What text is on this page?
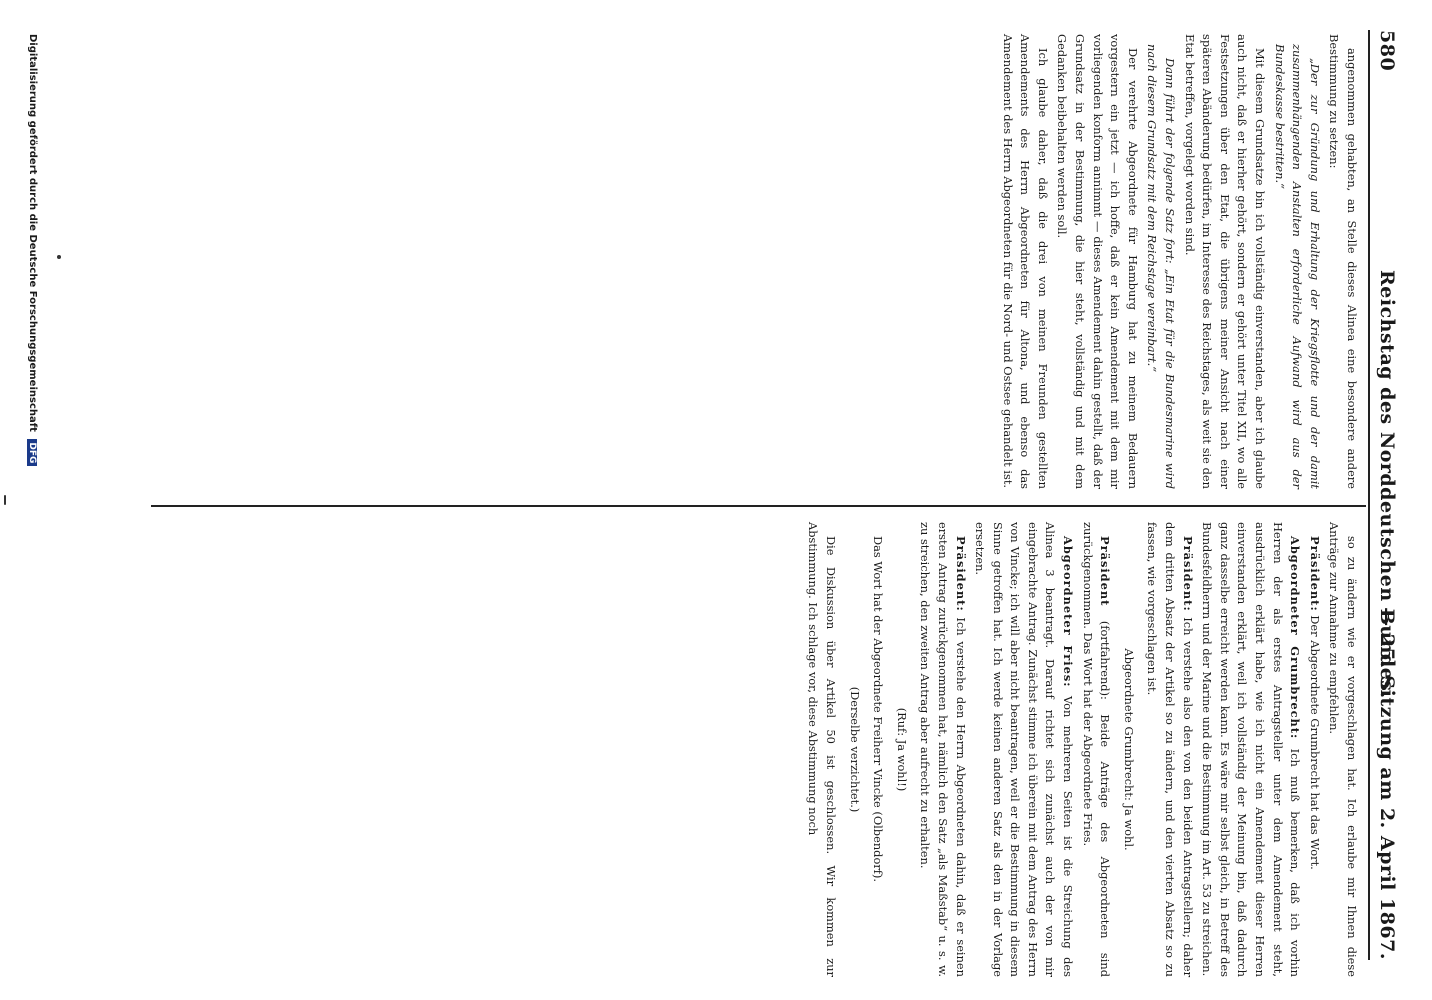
580
Reichstag des Norddeutschen Bundes.
— 25. Sitzung am 2. April 1867.

angenommen gehabten, an Stelle dieses Alinea eine besondere andere Bestimmung zu setzen:

„Der zur Gründung und Erhaltung der Kriegsflotte und der damit zusammenhängenden Anstalten erforderliche Aufwand wird aus der Bundeskasse bestritten.“

Mit diesem Grundsatze bin ich vollständig einverstanden, aber ich glaube auch nicht, daß er hierher gehört, sondern er gehört unter Titel XII, wo alle Festsetzungen über den Etat, die übrigens meiner Ansicht nach einer späteren Abänderung bedürfen, im Interesse des Reichstages, als weit sie den Etat betreffen, vorgelegt worden sind.

Dann führt der folgende Satz fort: „Ein Etat für die Bundesmarine wird nach diesem Grundsatz mit dem Reichstage vereinbart.“

Der verehrte Abgeordnete für Hamburg hat zu meinem Bedauern vorgestern ein jetzt — ich hoffe, daß er kein Amendement mit dem mir vorliegenden konform annimmt — dieses Amendement dahin gestellt, daß der Grundsatz in der Bestimmung, die hier steht, vollständig und mit dem Gedanken beibehalten werden soll.

Ich glaube daher, daß die drei von meinen Freunden gestellten Amendements des Herrn Abgeordneten für Altona, und ebenso das Amendement des Herrn Abgeordneten für die Nord- und Ostsee gehandelt ist.

so zu ändern wie er vorgeschlagen hat. Ich erlaube mir Ihnen diese Anträge zur Annahme zu empfehlen.

Präsident: Der Abgeordnete Grumbrecht hat das Wort.

Abgeordneter Grumbrecht: Ich muß bemerken, daß ich vorhin Herren der als erstes Antragsteller unter dem Amendement steht, ausdrücklich erklärt habe, wie ich nicht ein Amendement dieser Herren einverstanden erklärt, weil ich vollständig der Meinung bin, daß dadurch ganz dasselbe erreicht werden kann. Es wäre mir selbst gleich, in Betreff des Bundesfeldherrn und der Marine und die Bestimmung im Art. 53 zu streichen.

Präsident: Ich verstehe also den von den beiden Antragstellern; daher dem dritten Absatz der Artikel so zu ändern, und den vierten Absatz so zu fassen, wie vorgeschlagen ist.

Abgeordnete Grumbrecht: Ja wohl.

Präsident (fortfahrend): Beide Anträge des Abgeordneten sind zurückgenommen. Das Wort hat der Abgeordnete Fries.

Abgeordneter Fries: Von mehreren Seiten ist die Streichung des Alinea 3 beantragt. Darauf richtet sich zunächst auch der von mir eingebrachte Antrag. Zunächst stimme ich überein mit dem Antrag des Herrn von Vincke; ich will aber nicht beantragen, weil er die Bestimmung in diesem Sinne getroffen hat. Ich werde keinen anderen Satz als den in der Vorlage ersetzen.

Präsident: Ich verstehe den Herrn Abgeordneten dahin, daß er seinen ersten Antrag zurückgenommen hat, nämlich den Satz „als Maßstab“ u. s. w. zu streichen, den zweiten Antrag aber aufrecht zu erhalten.

(Ruf: Ja wohl!)

Das Wort hat der Abgeordnete Freiherr Vincke (Olbendorf).

(Derselbe verzichtet.)

Die Diskussion über Artikel 50 ist geschlossen. Wir kommen zur Abstimmung. Ich schlage vor, diese Abstimmung noch

Digitalisierung gefördert durch die Deutsche Forschungsgemeinschaft DFG
